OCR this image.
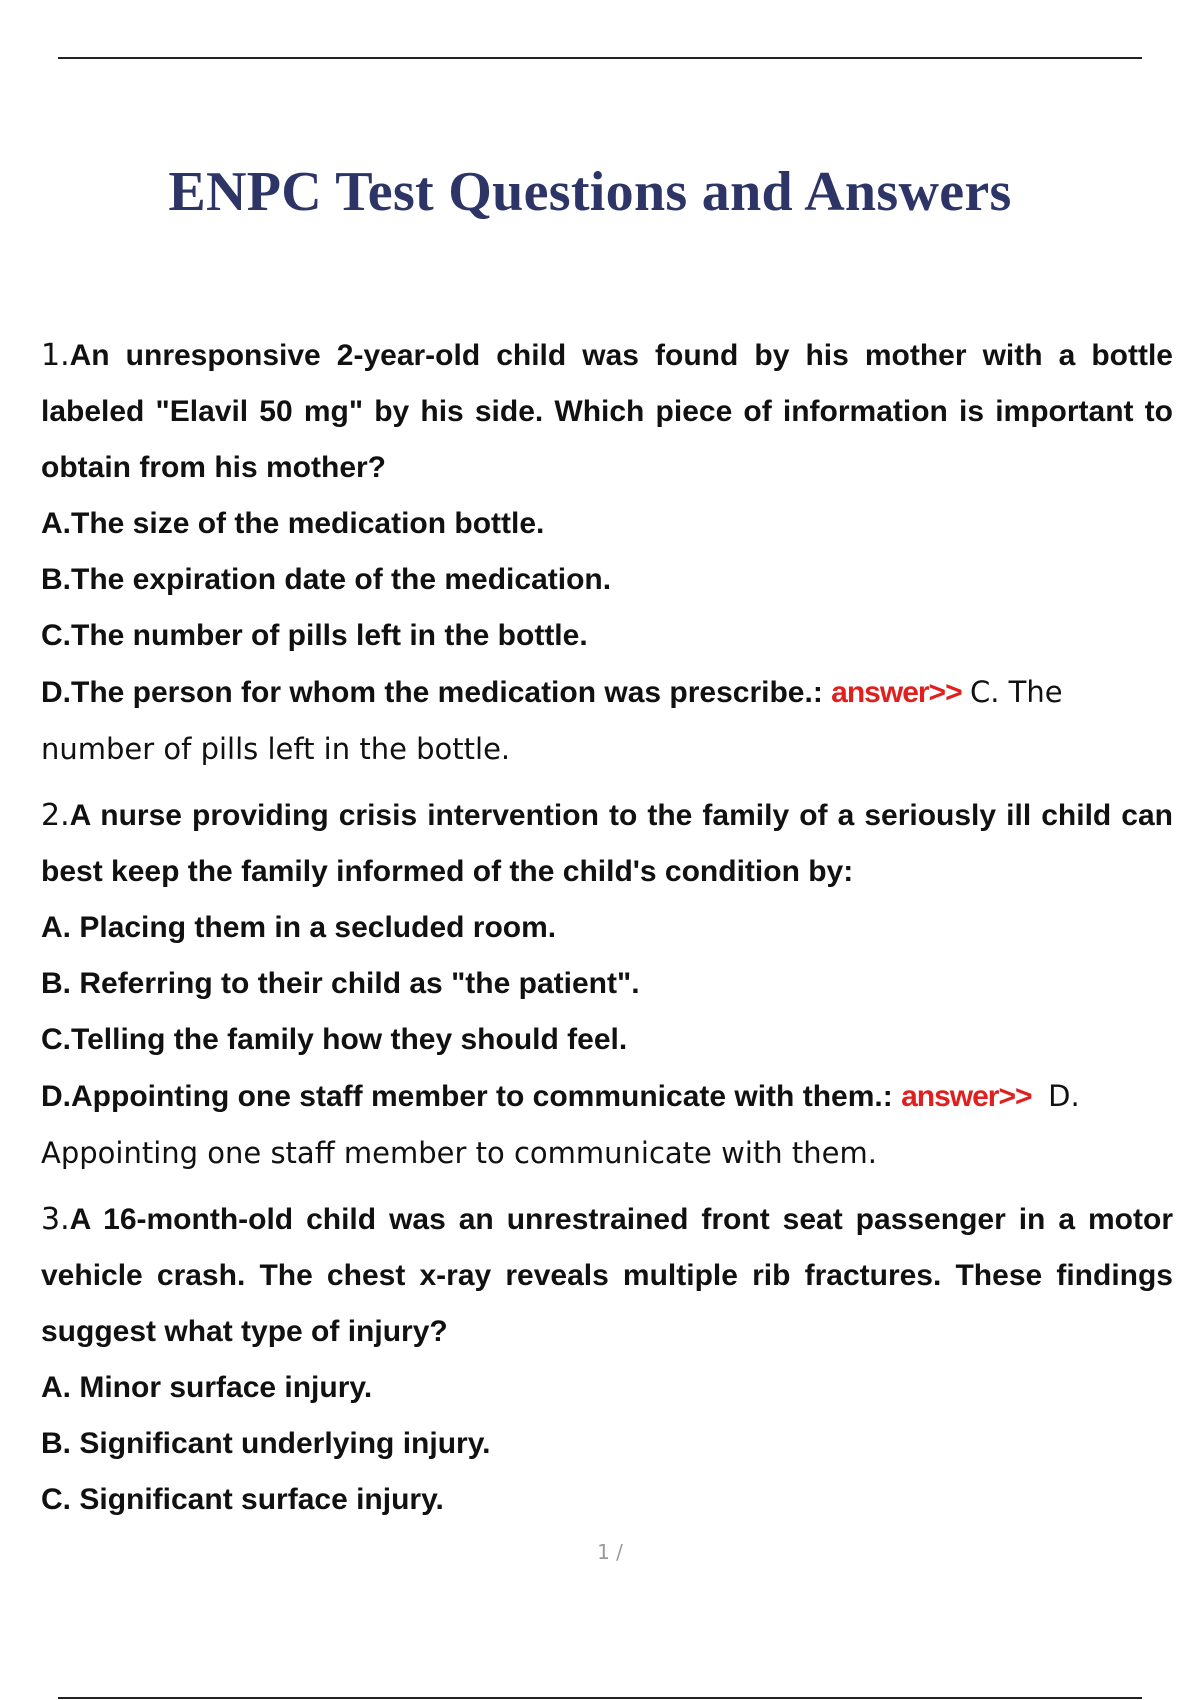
ENPC Test Questions and Answers

1.An unresponsive 2-year-old child was found by his mother with a bottle labeled "Elavil 50 mg" by his side. Which piece of information is important to obtain from his mother?

A.The size of the medication bottle.

B.The expiration date of the medication.

C.The number of pills left in the bottle.

D.The person for whom the medication was prescribe.: answer>> C. The number of pills left in the bottle.

2.A nurse providing crisis intervention to the family of a seriously ill child can best keep the family informed of the child's condition by:

A. Placing them in a secluded room.

B. Referring to their child as "the patient".

C.Telling the family how they should feel.

D.Appointing one staff member to communicate with them.: answer>> D. Appointing one staff member to communicate with them.

3.A 16-month-old child was an unrestrained front seat passenger in a motor vehicle crash. The chest x-ray reveals multiple rib fractures. These findings suggest what type of injury?

A. Minor surface injury.

B. Significant underlying injury.

C. Significant surface injury.

1 /
